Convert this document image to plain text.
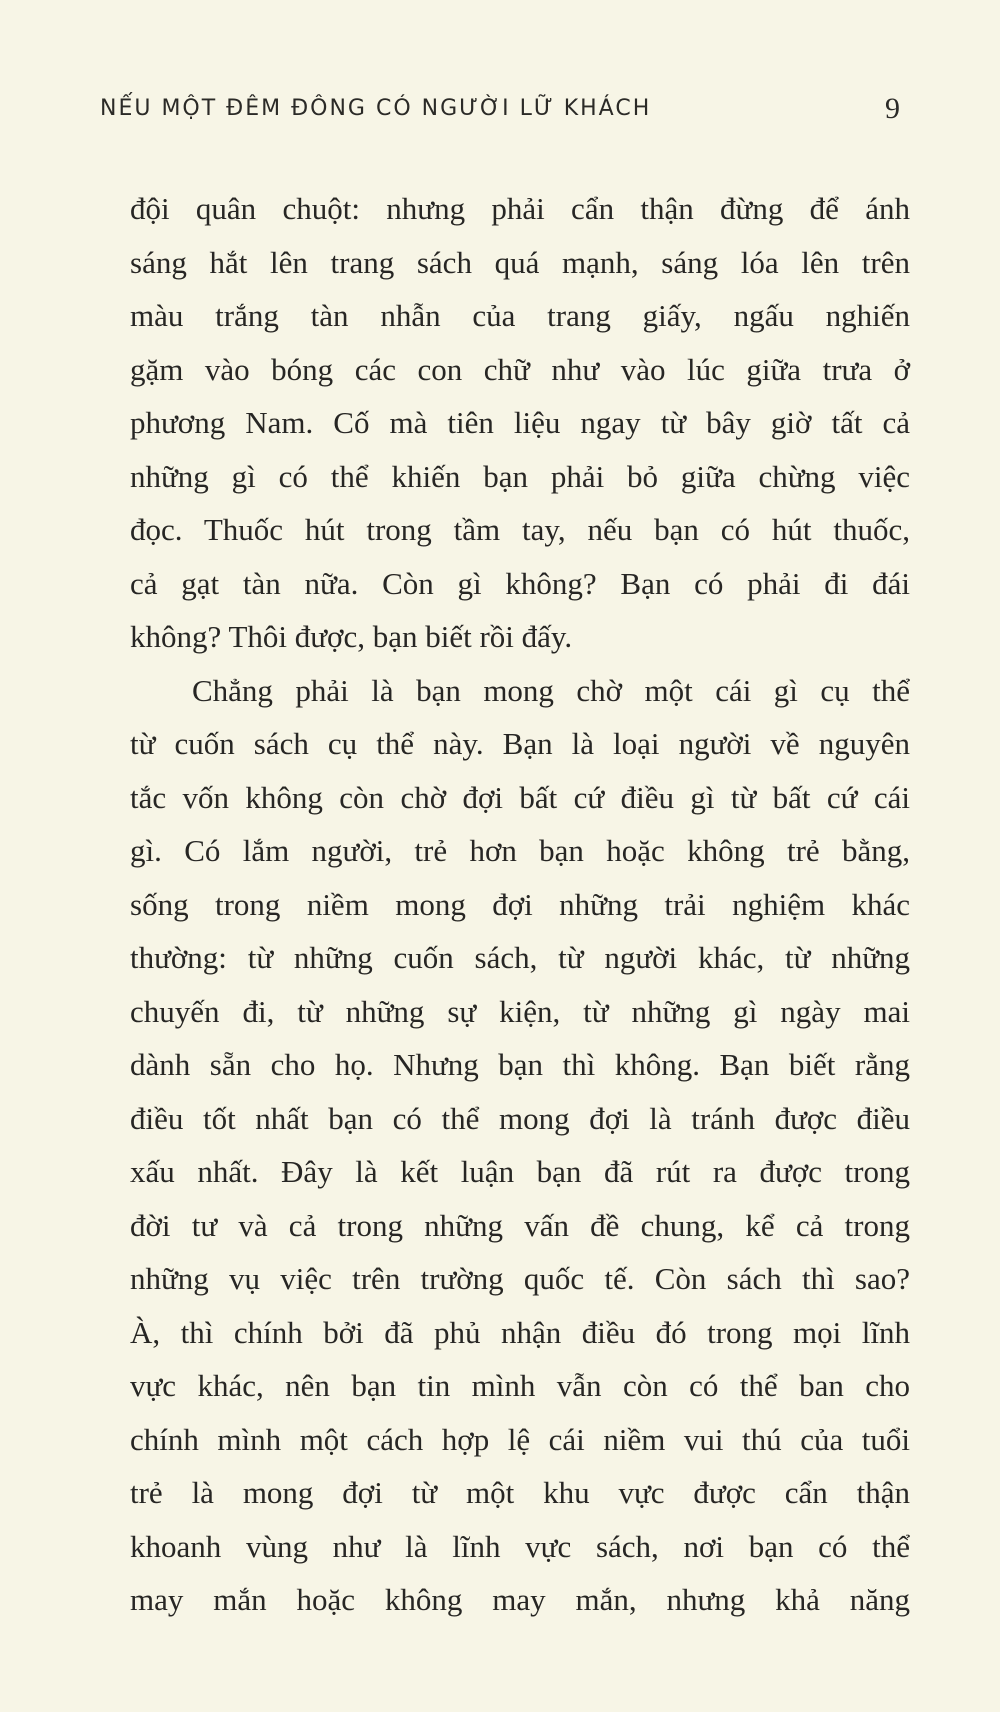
NẾU MỘT ĐÊM ĐÔNG CÓ NGƯỜI LỮ KHÁCH	9
đội quân chuột: nhưng phải cẩn thận đừng để ánh
sáng hắt lên trang sách quá mạnh, sáng lóa lên trên
màu trắng tàn nhẫn của trang giấy, ngấu nghiến
gặm vào bóng các con chữ như vào lúc giữa trưa ở
phương Nam. Cố mà tiên liệu ngay từ bây giờ tất cả
những gì có thể khiến bạn phải bỏ giữa chừng việc
đọc. Thuốc hút trong tầm tay, nếu bạn có hút thuốc,
cả gạt tàn nữa. Còn gì không? Bạn có phải đi đái
không? Thôi được, bạn biết rồi đấy.
Chẳng phải là bạn mong chờ một cái gì cụ thể
từ cuốn sách cụ thể này. Bạn là loại người về nguyên
tắc vốn không còn chờ đợi bất cứ điều gì từ bất cứ cái
gì. Có lắm người, trẻ hơn bạn hoặc không trẻ bằng,
sống trong niềm mong đợi những trải nghiệm khác
thường: từ những cuốn sách, từ người khác, từ những
chuyến đi, từ những sự kiện, từ những gì ngày mai
dành sẵn cho họ. Nhưng bạn thì không. Bạn biết rằng
điều tốt nhất bạn có thể mong đợi là tránh được điều
xấu nhất. Đây là kết luận bạn đã rút ra được trong
đời tư và cả trong những vấn đề chung, kể cả trong
những vụ việc trên trường quốc tế. Còn sách thì sao?
À, thì chính bởi đã phủ nhận điều đó trong mọi lĩnh
vực khác, nên bạn tin mình vẫn còn có thể ban cho
chính mình một cách hợp lệ cái niềm vui thú của tuổi
trẻ là mong đợi từ một khu vực được cẩn thận
khoanh vùng như là lĩnh vực sách, nơi bạn có thể
may mắn hoặc không may mắn, nhưng khả năng
